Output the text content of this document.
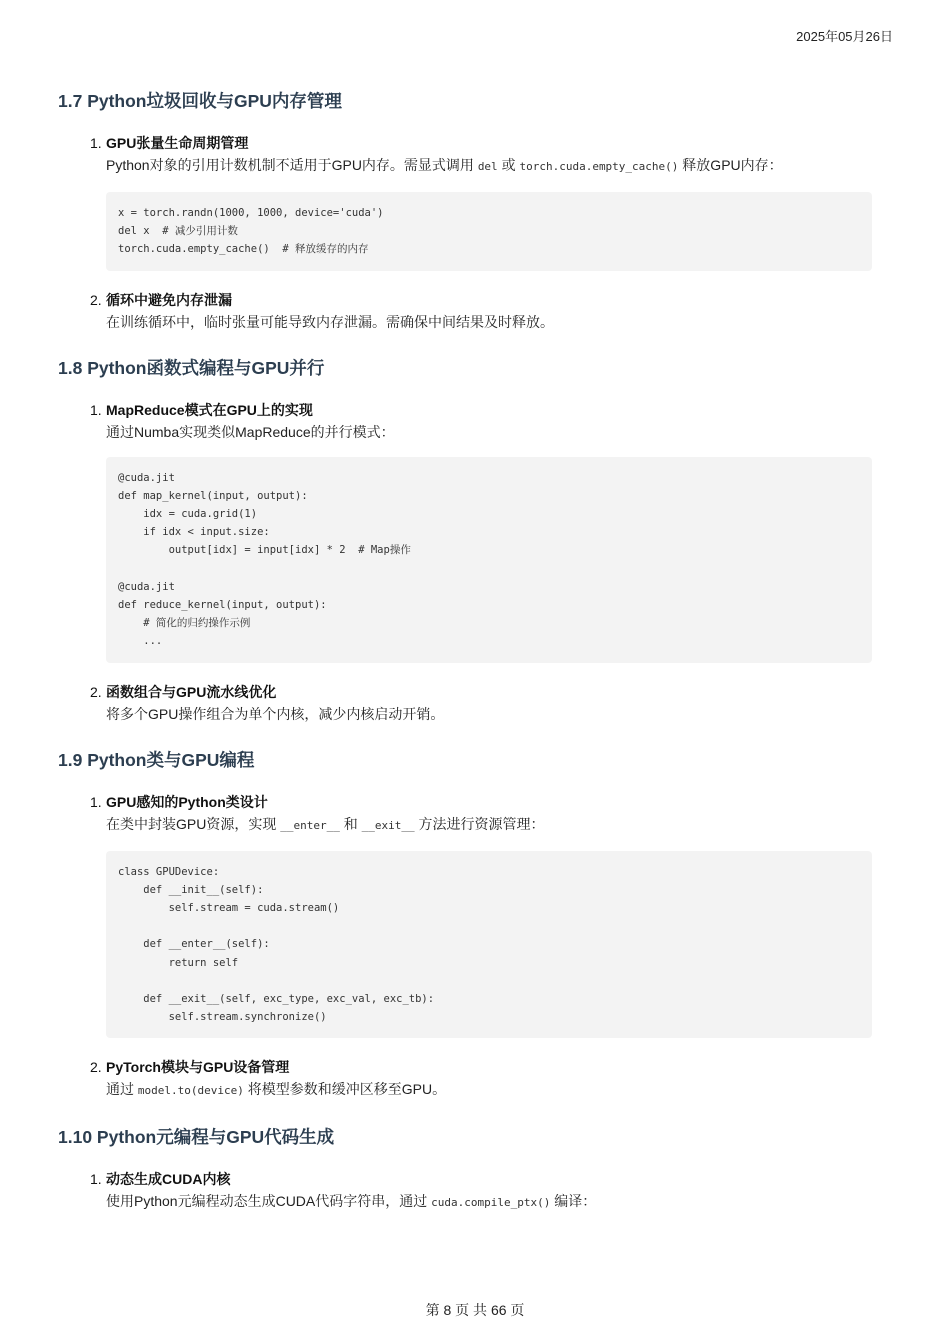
2025年05月26日
1.7 Python垃圾回收与GPU内存管理
1. GPU张量生命周期管理
Python对象的引用计数机制不适用于GPU内存。需显式调用 del 或 torch.cuda.empty_cache() 释放GPU内存：
x = torch.randn(1000, 1000, device='cuda')
del x  # 减少引用计数
torch.cuda.empty_cache()  # 释放缓存的内存
2. 循环中避免内存泄漏
在训练循环中，临时张量可能导致内存泄漏。需确保中间结果及时释放。
1.8 Python函数式编程与GPU并行
1. MapReduce模式在GPU上的实现
通过Numba实现类似MapReduce的并行模式：
@cuda.jit
def map_kernel(input, output):
idx = cuda.grid(1)
if idx < input.size:
output[idx] = input[idx] * 2  # Map操作
@cuda.jit
def reduce_kernel(input, output):
# 简化的归约操作示例
...
2. 函数组合与GPU流水线优化
将多个GPU操作组合为单个内核，减少内核启动开销。
1.9 Python类与GPU编程
1. GPU感知的Python类设计
在类中封装GPU资源，实现 __enter__ 和 __exit__ 方法进行资源管理：
class GPUDevice:
def __init__(self):
self.stream = cuda.stream()
def __enter__(self):
return self
def __exit__(self, exc_type, exc_val, exc_tb):
self.stream.synchronize()
2. PyTorch模块与GPU设备管理
通过 model.to(device) 将模型参数和缓冲区移至GPU。
1.10 Python元编程与GPU代码生成
1. 动态生成CUDA内核
使用Python元编程动态生成CUDA代码字符串，通过 cuda.compile_ptx() 编译：
第 8 页 共 66 页
